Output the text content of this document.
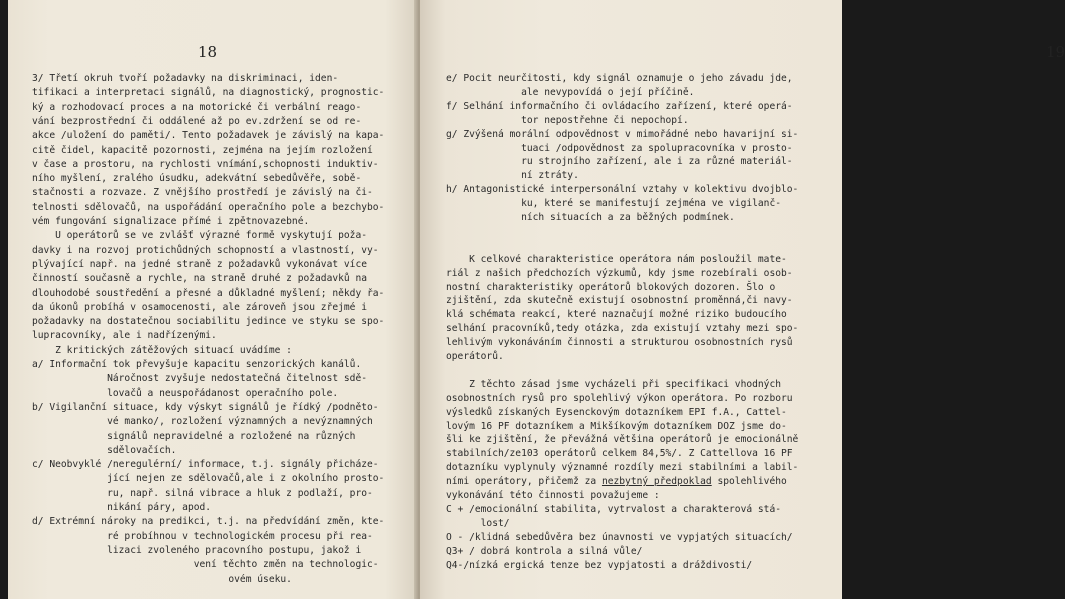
18
3/ Třetí okruh tvoří požadavky na diskriminaci, iden-
tifikaci a interpretaci signálů, na diagnostický, prognostic-
ký a rozhodovací proces a na motorické či verbální reago-
vání bezprostřední či oddálené až po ev.zdržení se od re-
akce /uložení do paměti/. Tento požadavek je závislý na kapa-
citě čidel, kapacitě pozornosti, zejména na jejím rozložení
v čase a prostoru, na rychlosti vnímání,schopnosti induktiv-
ního myšlení, zralého úsudku, adekvátní sebedůvěře, sobě-
stačnosti a rozvaze. Z vnějšího prostředí je závislý na či-
telnosti sdělovačů, na uspořádání operačního pole a bezchybo-
vém fungování signalizace přímé i zpětnovazebné.
U operátorů se ve zvlášť výrazné formě vyskytují poža-
davky i na rozvoj protichůdných schopností a vlastností, vy-
plývající např. na jedné straně z požadavků vykonávat více
činností současně a rychle, na straně druhé z požadavků na
dlouhodobé soustředění a přesné a důkladné myšlení; někdy řa-
da úkonů probíhá v osamocenosti, ale zároveň jsou zřejmé i
požadavky na dostatečnou sociabilitu jedince ve styku se spo-
lupracovníky, ale i nadřízenými.
Z kritických zátěžových situací uvádíme :
a/ Informační tok převyšuje kapacitu senzorických kanálů.
Náročnost zvyšuje nedostatečná čitelnost sdě-
lovačů a neuspořádanost operačního pole.
b/ Vigilanční situace, kdy výskyt signálů je řídký /podněto-
vé manko/, rozložení významných a nevýznamných
signálů nepravidelné a rozložené na různých
sdělovačích.
c/ Neobvyklé /neregulérní/ informace, t.j. signály přicháze-
jící nejen ze sdělovačů,ale i z okolního prosto-
ru, např. silná vibrace a hluk z podlaží, pro-
nikání páry, apod.
d/ Extrémní nároky na predikci, t.j. na předvídání změn, kte-
ré probíhnou v technologickém procesu při rea-
lizaci zvoleného pracovního postupu, jakož i
vení těchto změn na technologic-
ovém úseku.
19
e/ Pocit neurčitosti, kdy signál oznamuje o jeho závadu jde,
ale nevypovídá o její příčině.
f/ Selhání informačního či ovládacího zařízení, které operá-
tor nepostřehne či nepochopí.
g/ Zvýšená morální odpovědnost v mimořádné nebo havarijní si-
tuaci /odpovědnost za spolupracovníka v prosto-
ru strojního zařízení, ale i za různé materiál-
ní ztráty.
h/ Antagonistické interpersonální vztahy v kolektivu dvojblo-
ku, které se manifestují zejména ve vigilanč-
ních situacích a za běžných podmínek.
K celkové charakteristice operátora nám posloužil mate-
riál z našich předchozích výzkumů, kdy jsme rozebírali osob-
nostní charakteristiky operátorů blokových dozoren. Šlo o
zjištění, zda skutečně existují osobnostní proměnná,či navy-
klá schémata reakcí, které naznačují možné riziko budoucího
selhání pracovníků,tedy otázka, zda existují vztahy mezi spo-
lehlivým vykonáváním činnosti a strukturou osobnostních rysů
operátorů.
Z těchto zásad jsme vycházeli při specifikaci vhodných
osobnostních rysů pro spolehlivý výkon operátora. Po rozboru
výsledků získaných Eysenckovým dotazníkem EPI f.A., Cattel-
lovým 16 PF dotazníkem a Mikšíkovým dotazníkem DOZ jsme do-
šli ke zjištění, že převážná většina operátorů je emocionálně
stabilních/ze103 operátorů celkem 84,5%/. Z Cattellova 16 PF
dotazníku vyplynuly významné rozdíly mezi stabilními a labil-
ními operátory, přičemž za nezbytný předpoklad spolehlivého
vykonávání této činnosti považujeme :
C + /emocionální stabilita, vytrvalost a charakterová stá-
lost/
O - /klidná sebedůvěra bez únavnosti ve vypjatých situacích/
Q3+ / dobrá kontrola a silná vůle/
Q4-/nízká ergická tenze bez vypjatosti a dráždivosti/
